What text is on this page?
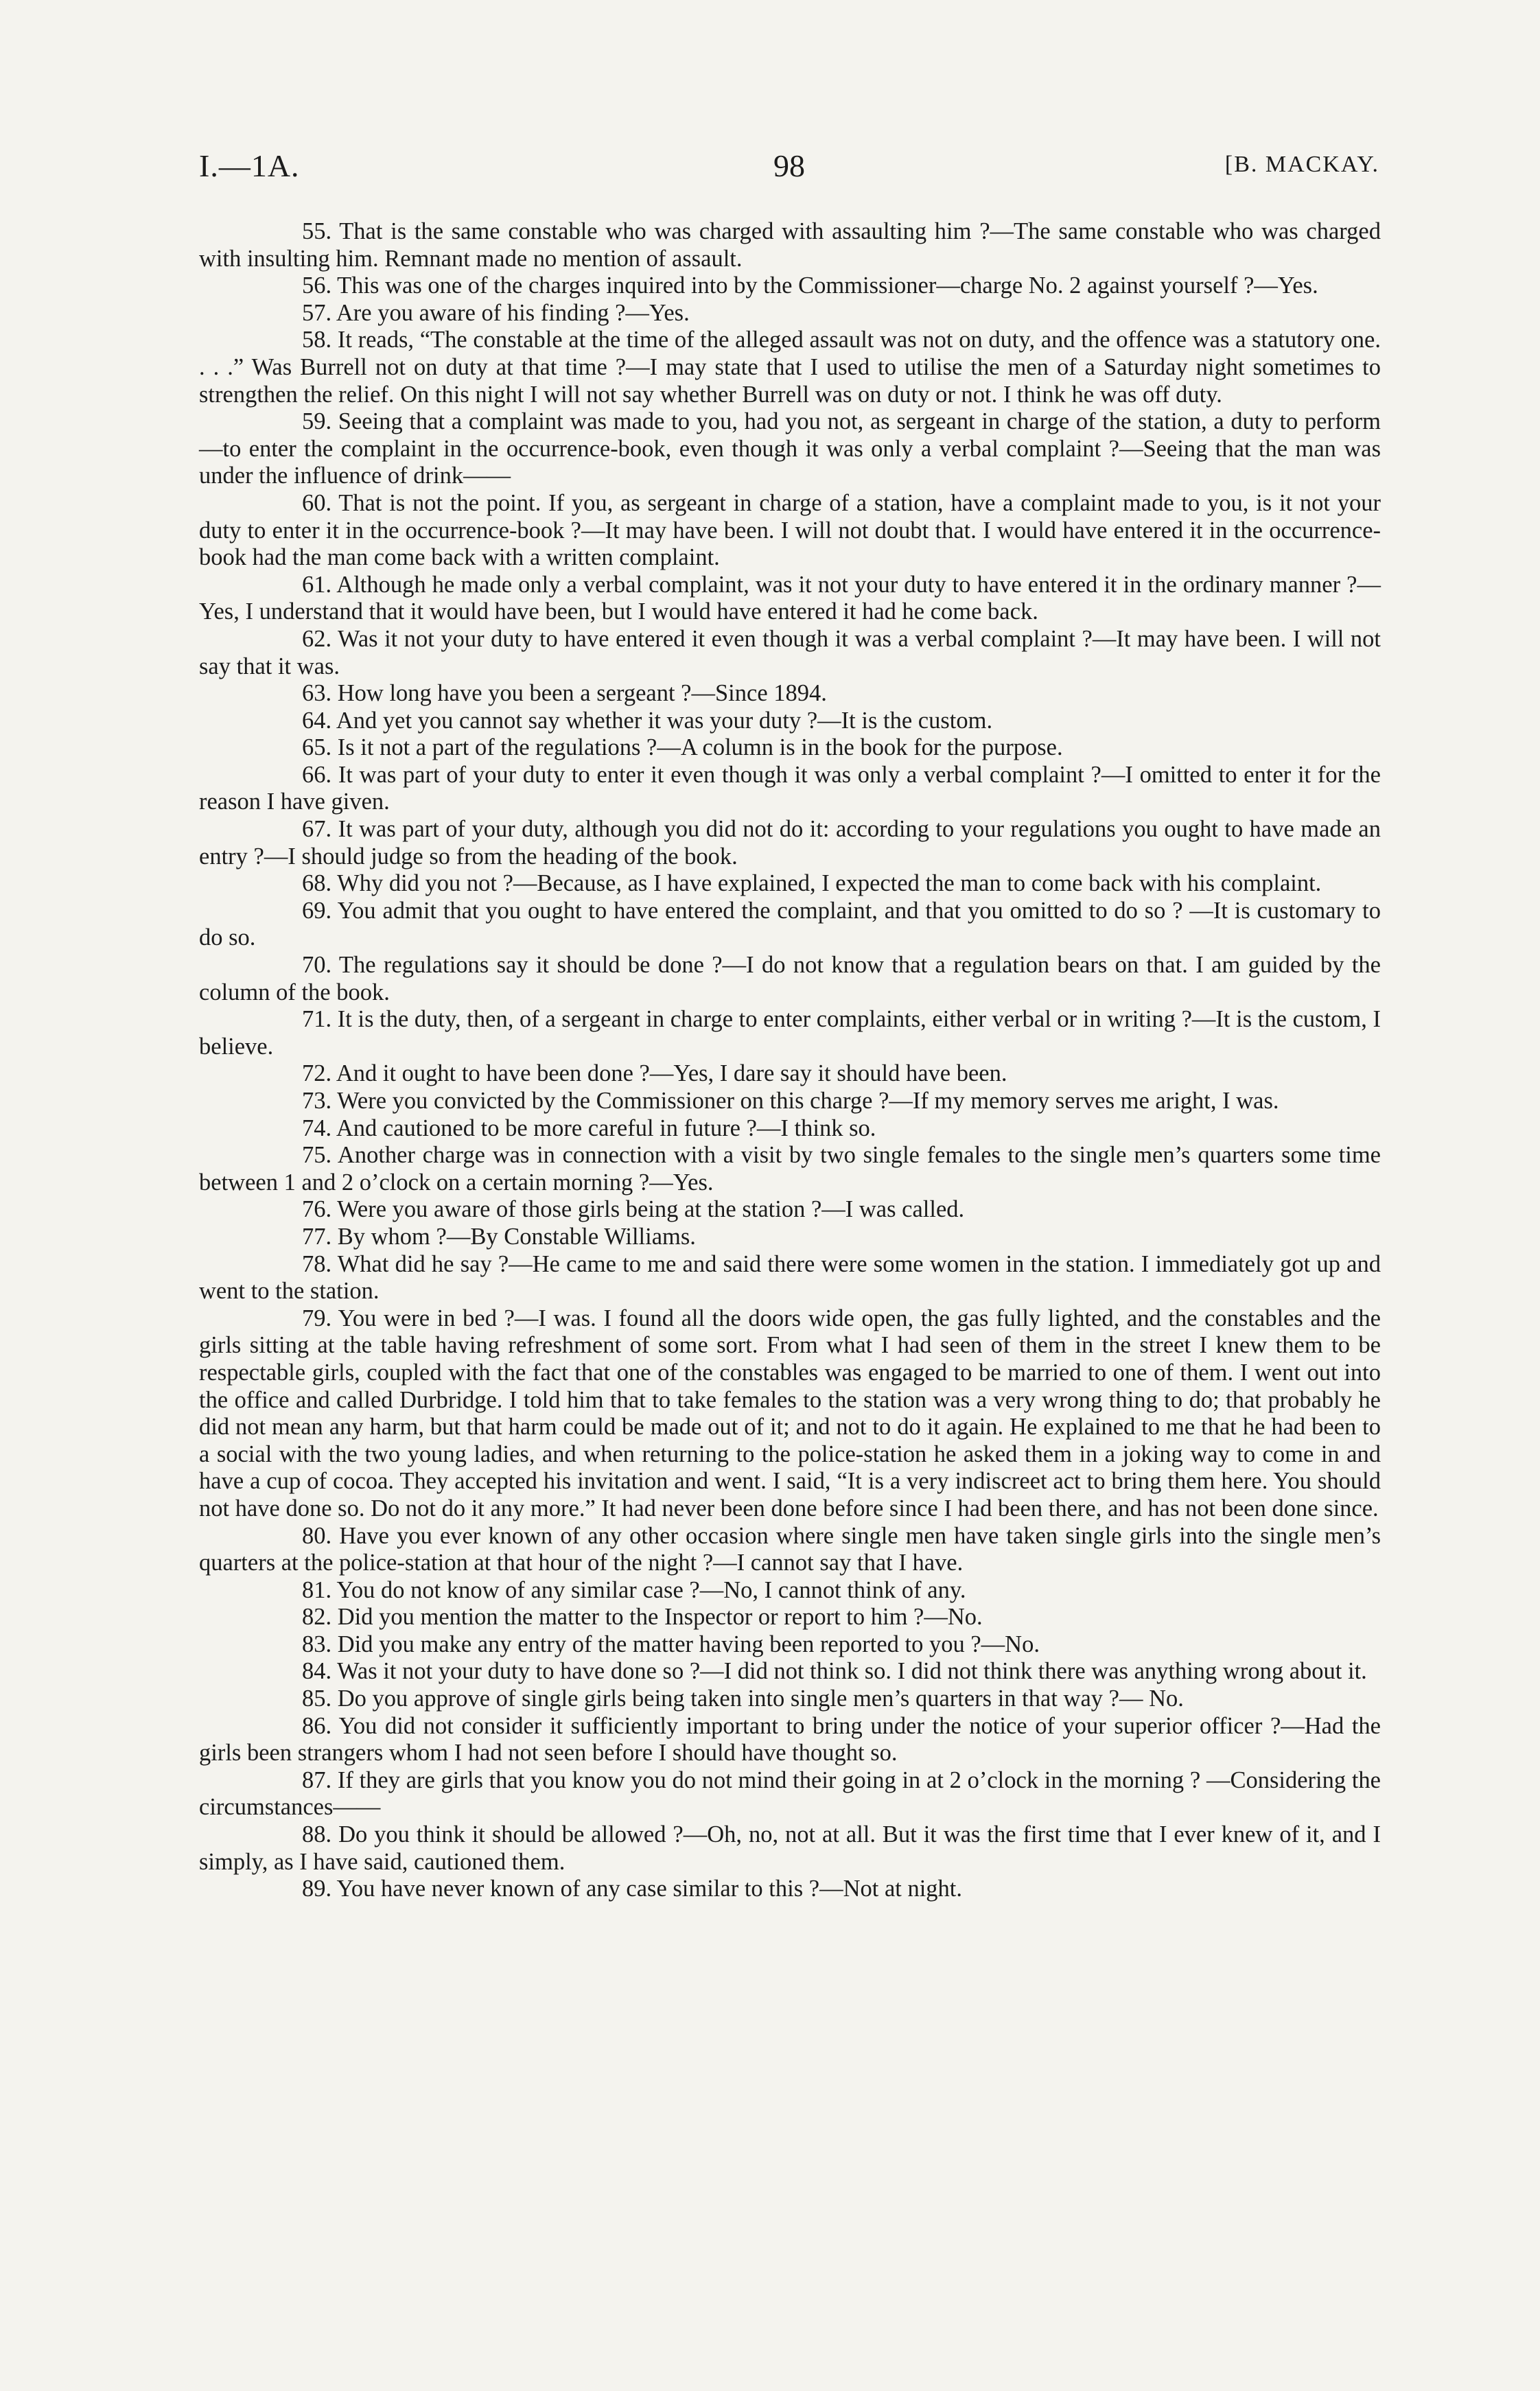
98
I.—1A.	[B. MACKAY.

55. That is the same constable who was charged with assaulting him ?—The same constable who was charged with insulting him. Remnant made no mention of assault.

56. This was one of the charges inquired into by the Commissioner—charge No. 2 against yourself ?—Yes.

57. Are you aware of his finding ?—Yes.

58. It reads, “The constable at the time of the alleged assault was not on duty, and the offence was a statutory one. . . .” Was Burrell not on duty at that time ?—I may state that I used to utilise the men of a Saturday night sometimes to strengthen the relief. On this night I will not say whether Burrell was on duty or not. I think he was off duty.

59. Seeing that a complaint was made to you, had you not, as sergeant in charge of the station, a duty to perform—to enter the complaint in the occurrence-book, even though it was only a verbal complaint ?—Seeing that the man was under the influence of drink——

60. That is not the point. If you, as sergeant in charge of a station, have a complaint made to you, is it not your duty to enter it in the occurrence-book ?—It may have been. I will not doubt that. I would have entered it in the occurrence-book had the man come back with a written complaint.

61. Although he made only a verbal complaint, was it not your duty to have entered it in the ordinary manner ?—Yes, I understand that it would have been, but I would have entered it had he come back.

62. Was it not your duty to have entered it even though it was a verbal complaint ?—It may have been. I will not say that it was.

63. How long have you been a sergeant ?—Since 1894.

64. And yet you cannot say whether it was your duty ?—It is the custom.

65. Is it not a part of the regulations ?—A column is in the book for the purpose.

66. It was part of your duty to enter it even though it was only a verbal complaint ?—I omitted to enter it for the reason I have given.

67. It was part of your duty, although you did not do it: according to your regulations you ought to have made an entry ?—I should judge so from the heading of the book.

68. Why did you not ?—Because, as I have explained, I expected the man to come back with his complaint.

69. You admit that you ought to have entered the complaint, and that you omitted to do so ? —It is customary to do so.

70. The regulations say it should be done ?—I do not know that a regulation bears on that. I am guided by the column of the book.

71. It is the duty, then, of a sergeant in charge to enter complaints, either verbal or in writing ?—It is the custom, I believe.

72. And it ought to have been done ?—Yes, I dare say it should have been.

73. Were you convicted by the Commissioner on this charge ?—If my memory serves me aright, I was.

74. And cautioned to be more careful in future ?—I think so.

75. Another charge was in connection with a visit by two single females to the single men’s quarters some time between 1 and 2 o’clock on a certain morning ?—Yes.

76. Were you aware of those girls being at the station ?—I was called.

77. By whom ?—By Constable Williams.

78. What did he say ?—He came to me and said there were some women in the station. I immediately got up and went to the station.

79. You were in bed ?—I was. I found all the doors wide open, the gas fully lighted, and the constables and the girls sitting at the table having refreshment of some sort. From what I had seen of them in the street I knew them to be respectable girls, coupled with the fact that one of the constables was engaged to be married to one of them. I went out into the office and called Durbridge. I told him that to take females to the station was a very wrong thing to do; that probably he did not mean any harm, but that harm could be made out of it; and not to do it again. He explained to me that he had been to a social with the two young ladies, and when returning to the police-station he asked them in a joking way to come in and have a cup of cocoa. They accepted his invitation and went. I said, “It is a very indiscreet act to bring them here. You should not have done so. Do not do it any more.” It had never been done before since I had been there, and has not been done since.

80. Have you ever known of any other occasion where single men have taken single girls into the single men’s quarters at the police-station at that hour of the night ?—I cannot say that I have.

81. You do not know of any similar case ?—No, I cannot think of any.

82. Did you mention the matter to the Inspector or report to him ?—No.

83. Did you make any entry of the matter having been reported to you ?—No.

84. Was it not your duty to have done so ?—I did not think so. I did not think there was anything wrong about it.

85. Do you approve of single girls being taken into single men’s quarters in that way ?— No.

86. You did not consider it sufficiently important to bring under the notice of your superior officer ?—Had the girls been strangers whom I had not seen before I should have thought so.

87. If they are girls that you know you do not mind their going in at 2 o’clock in the morning ? —Considering the circumstances——

88. Do you think it should be allowed ?—Oh, no, not at all. But it was the first time that I ever knew of it, and I simply, as I have said, cautioned them.

89. You have never known of any case similar to this ?—Not at night.
